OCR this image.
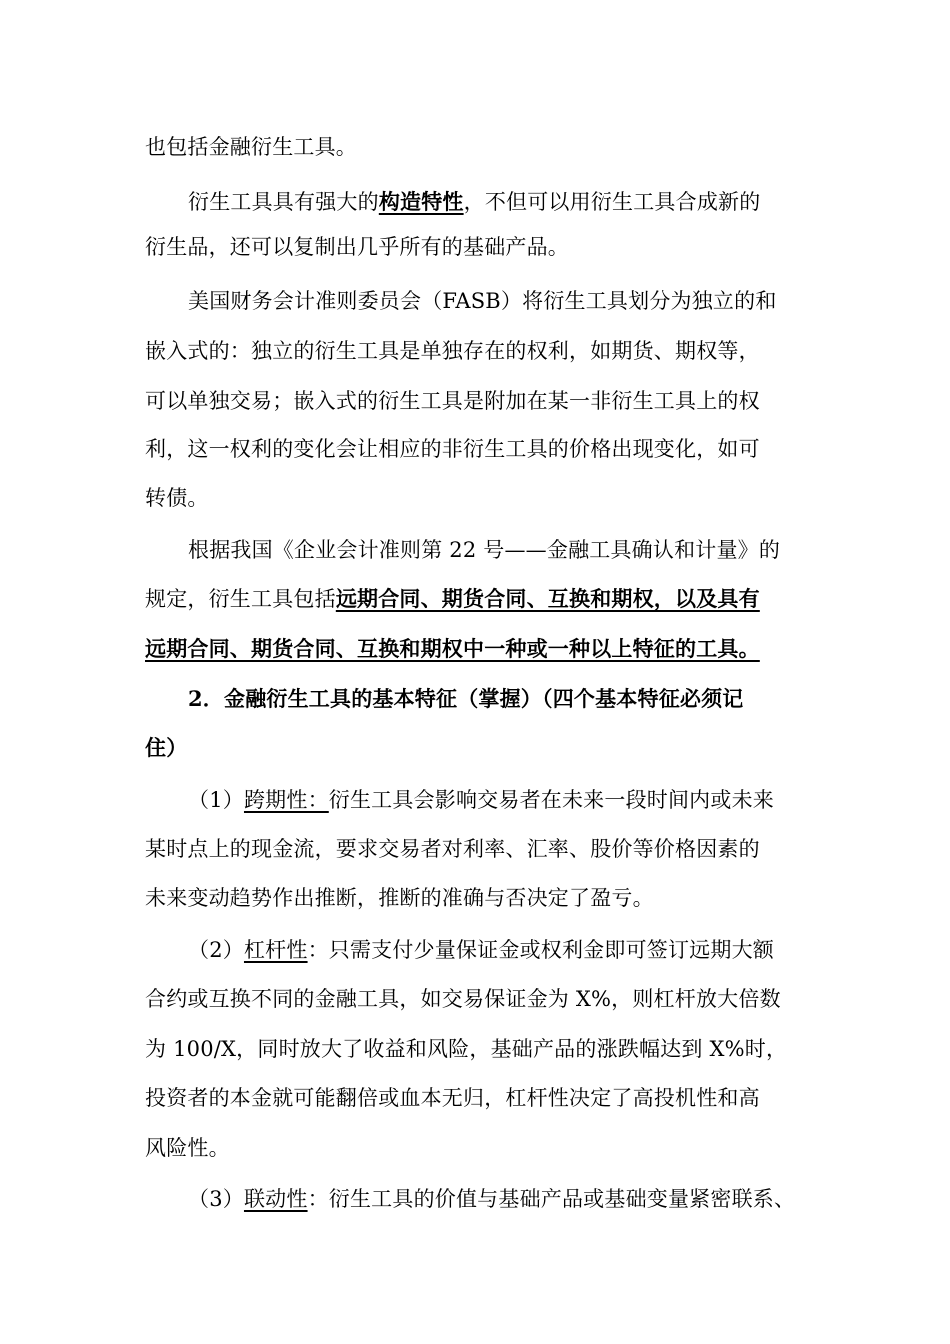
也包括金融衍生工具。
衍生工具具有强大的构造特性，不但可以用衍生工具合成新的
衍生品，还可以复制出几乎所有的基础产品。
美国财务会计准则委员会（FASB）将衍生工具划分为独立的和
嵌入式的：独立的衍生工具是单独存在的权利，如期货、期权等，
可以单独交易；嵌入式的衍生工具是附加在某一非衍生工具上的权
利，这一权利的变化会让相应的非衍生工具的价格出现变化，如可
转债。
根据我国《企业会计准则第 22 号——金融工具确认和计量》的
规定，衍生工具包括远期合同、期货合同、互换和期权，以及具有
远期合同、期货合同、互换和期权中一种或一种以上特征的工具。
2．金融衍生工具的基本特征（掌握）（四个基本特征必须记
住）
（1）跨期性：衍生工具会影响交易者在未来一段时间内或未来
某时点上的现金流，要求交易者对利率、汇率、股价等价格因素的
未来变动趋势作出推断，推断的准确与否决定了盈亏。
（2）杠杆性：只需支付少量保证金或权利金即可签订远期大额
合约或互换不同的金融工具，如交易保证金为 X%，则杠杆放大倍数
为 100/X，同时放大了收益和风险，基础产品的涨跌幅达到 X%时，
投资者的本金就可能翻倍或血本无归，杠杆性决定了高投机性和高
风险性。
（3）联动性：衍生工具的价值与基础产品或基础变量紧密联系、
